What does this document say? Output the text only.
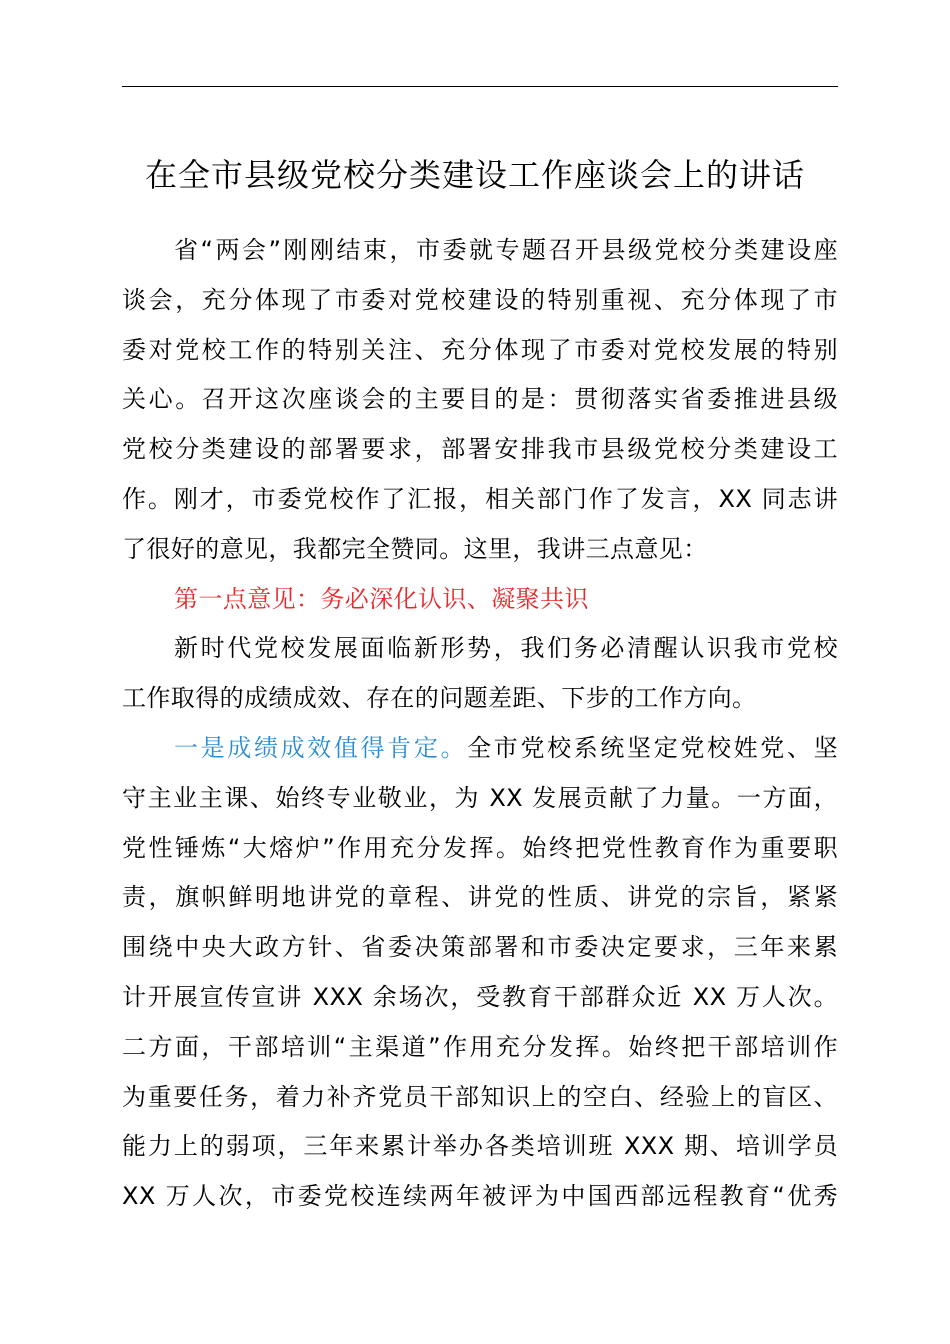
在全市县级党校分类建设工作座谈会上的讲话
省“两会”刚刚结束，市委就专题召开县级党校分类建设座
谈会，充分体现了市委对党校建设的特别重视、充分体现了市
委对党校工作的特别关注、充分体现了市委对党校发展的特别
关心。召开这次座谈会的主要目的是：贯彻落实省委推进县级
党校分类建设的部署要求，部署安排我市县级党校分类建设工
作。刚才，市委党校作了汇报，相关部门作了发言，XX 同志讲
了很好的意见，我都完全赞同。这里，我讲三点意见：
第一点意见：务必深化认识、凝聚共识
新时代党校发展面临新形势，我们务必清醒认识我市党校
工作取得的成绩成效、存在的问题差距、下步的工作方向。
一是成绩成效值得肯定。全市党校系统坚定党校姓党、坚
守主业主课、始终专业敬业，为 XX 发展贡献了力量。一方面，
党性锤炼“大熔炉”作用充分发挥。始终把党性教育作为重要职
责，旗帜鲜明地讲党的章程、讲党的性质、讲党的宗旨，紧紧
围绕中央大政方针、省委决策部署和市委决定要求，三年来累
计开展宣传宣讲 XXX 余场次，受教育干部群众近 XX 万人次。
二方面，干部培训“主渠道”作用充分发挥。始终把干部培训作
为重要任务，着力补齐党员干部知识上的空白、经验上的盲区、
能力上的弱项，三年来累计举办各类培训班 XXX 期、培训学员
XX 万人次，市委党校连续两年被评为中国西部远程教育“优秀
